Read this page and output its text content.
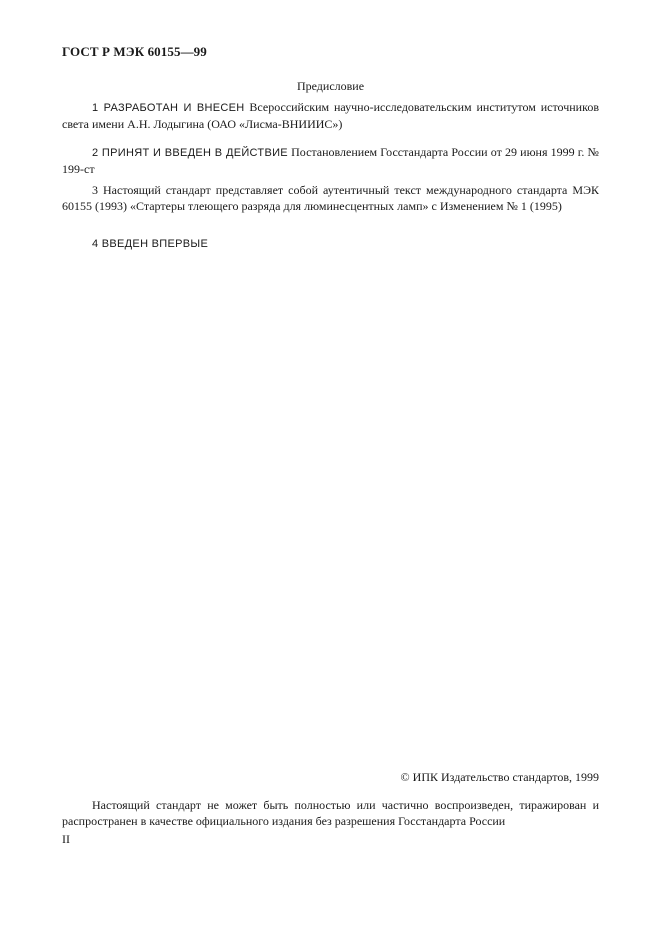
ГОСТ Р МЭК 60155—99
Предисловие

1 РАЗРАБОТАН И ВНЕСЕН Всероссийским научно-исследовательским институтом источников света имени А.Н. Лодыгина (ОАО «Лисма-ВНИИИС»)

2 ПРИНЯТ И ВВЕДЕН В ДЕЙСТВИЕ Постановлением Госстандарта России от 29 июня 1999 г. № 199-ст

3 Настоящий стандарт представляет собой аутентичный текст международного стандарта МЭК 60155 (1993) «Стартеры тлеющего разряда для люминесцентных ламп» с Изменением № 1 (1995)

4 ВВЕДЕН ВПЕРВЫЕ

© ИПК Издательство стандартов, 1999

Настоящий стандарт не может быть полностью или частично воспроизведен, тиражирован и распространен в качестве официального издания без разрешения Госстандарта России

II
